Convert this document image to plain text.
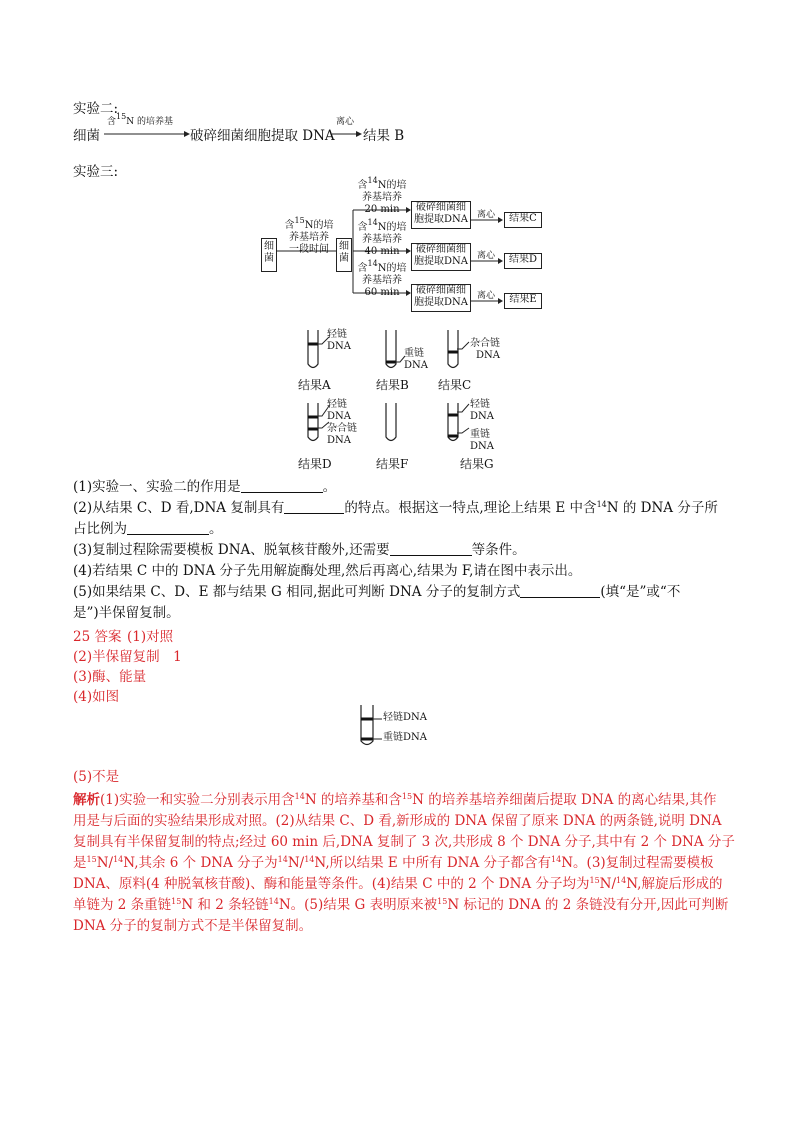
实验二:
细菌
含$^{15}$N 的培养基
破碎细菌细胞提取 DNA
离心
结果 B
实验三:
细菌
含$^{15}$N的培
养基培养
一段时间	细菌
含$^{14}$N的培
养基培养
20 min	破碎细菌细
胞提取DNA 离心	结果C
含$^{14}$N的培
养基培养
40 min	破碎细菌细
胞提取DNA 离心	结果D
含$^{14}$N的培
养基培养
60 min	破碎细菌细
胞提取DNA
离心	结果E
轻链
DNA
结果A
重链
DNA
结果B
杂合链
DNA
结果C
轻链
DNA
杂合链
DNA
结果D	结果F
轻链
DNA
重链
DNA
结果G
(1)实验一、实验二的作用是	。
(2)从结果 C、D 看,DNA 复制具有	的特点。根据这一特点,理论上结果 E 中含$^{14}$N 的 DNA 分子所
占比例为	。
(3)复制过程除需要模板 DNA、脱氧核苷酸外,还需要	等条件。
(4)若结果 C 中的 DNA 分子先用解旋酶处理,然后再离心,结果为 F,请在图中表示出。
(5)如果结果 C、D、E 都与结果 G 相同,据此可判断 DNA 分子的复制方式	(填“是”或“不
是”)半保留复制。
25 答案 (1)对照
(2)半保留复制　1
(3)酶、能量
(4)如图
轻链DNA
重链DNA
(5)不是
解析(1)实验一和实验二分别表示用含$^{14}$N 的培养基和含$^{15}$N 的培养基培养细菌后提取 DNA 的离心结果,其作
用是与后面的实验结果形成对照。(2)从结果 C、D 看,新形成的 DNA 保留了原来 DNA 的两条链,说明 DNA
复制具有半保留复制的特点;经过 60 min 后,DNA 复制了 3 次,共形成 8 个 DNA 分子,其中有 2 个 DNA 分子
是$^{15}$N/$^{14}$N,其余 6 个 DNA 分子为$^{14}$N/$^{14}$N,所以结果 E 中所有 DNA 分子都含有$^{14}$N。(3)复制过程需要模板
DNA、原料(4 种脱氧核苷酸)、酶和能量等条件。(4)结果 C 中的 2 个 DNA 分子均为$^{15}$N/$^{14}$N,解旋后形成的
单链为 2 条重链$^{15}$N 和 2 条轻链$^{14}$N。(5)结果 G 表明原来被$^{15}$N 标记的 DNA 的 2 条链没有分开,因此可判断
DNA 分子的复制方式不是半保留复制。
